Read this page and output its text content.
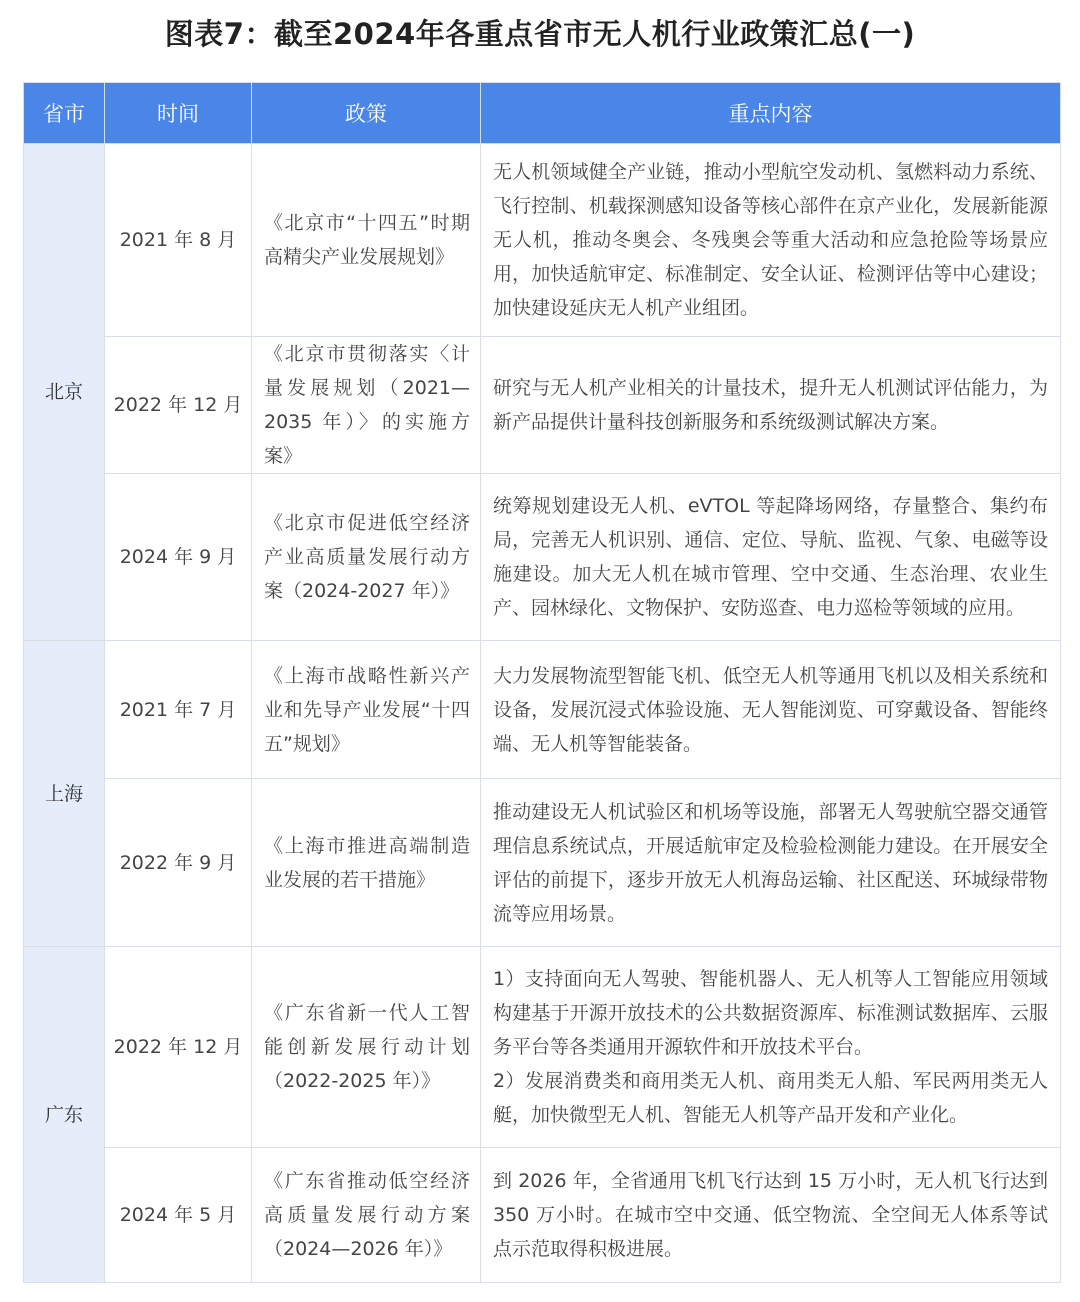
图表7：截至2024年各重点省市无人机行业政策汇总(一)
省市	时间	政策	重点内容
北京	2021 年 8 月	《北京市“十四五”时期高精尖产业发展规划》	无人机领域健全产业链，推动小型航空发动机、氢燃料动力系统、飞行控制、机载探测感知设备等核心部件在京产业化，发展新能源无人机，推动冬奥会、冬残奥会等重大活动和应急抢险等场景应用，加快适航审定、标准制定、安全认证、检测评估等中心建设；加快建设延庆无人机产业组团。
	2022 年 12 月	《北京市贯彻落实〈计量发展规划（2021—2035 年）〉的实施方案》	研究与无人机产业相关的计量技术，提升无人机测试评估能力，为新产品提供计量科技创新服务和系统级测试解决方案。
	2024 年 9 月	《北京市促进低空经济产业高质量发展行动方案（2024-2027 年）》	统筹规划建设无人机、eVTOL 等起降场网络，存量整合、集约布局，完善无人机识别、通信、定位、导航、监视、气象、电磁等设施建设。加大无人机在城市管理、空中交通、生态治理、农业生产、园林绿化、文物保护、安防巡查、电力巡检等领域的应用。
上海	2021 年 7 月	《上海市战略性新兴产业和先导产业发展“十四五”规划》	大力发展物流型智能飞机、低空无人机等通用飞机以及相关系统和设备，发展沉浸式体验设施、无人智能浏览、可穿戴设备、智能终端、无人机等智能装备。
	2022 年 9 月	《上海市推进高端制造业发展的若干措施》	推动建设无人机试验区和机场等设施，部署无人驾驶航空器交通管理信息系统试点，开展适航审定及检验检测能力建设。在开展安全评估的前提下，逐步开放无人机海岛运输、社区配送、环城绿带物流等应用场景。
广东	2022 年 12 月	《广东省新一代人工智能创新发展行动计划（2022-2025 年）》	1）支持面向无人驾驶、智能机器人、无人机等人工智能应用领域构建基于开源开放技术的公共数据资源库、标准测试数据库、云服务平台等各类通用开源软件和开放技术平台。
2）发展消费类和商用类无人机、商用类无人船、军民两用类无人艇，加快微型无人机、智能无人机等产品开发和产业化。

	2024 年 5 月	《广东省推动低空经济高质量发展行动方案（2024—2026 年）》	到 2026 年，全省通用飞机飞行达到 15 万小时，无人机飞行达到 350 万小时。在城市空中交通、低空物流、全空间无人体系等试点示范取得积极进展。
